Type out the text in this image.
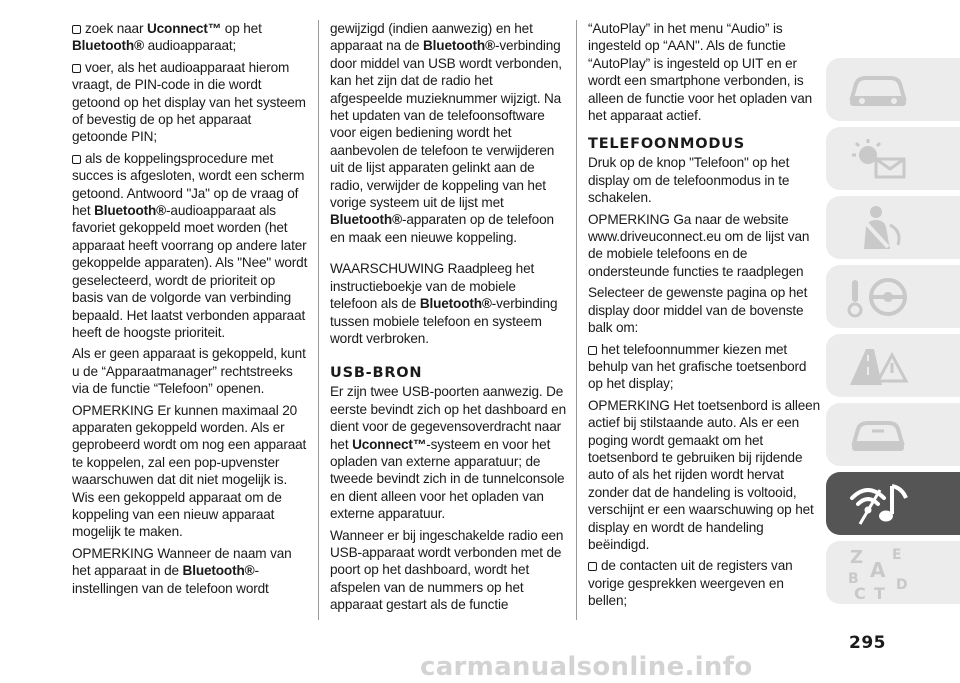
zoek naar Uconnect™ op het Bluetooth® audioapparaat;

voer, als het audioapparaat hierom vraagt, de PIN-code in die wordt getoond op het display van het systeem of bevestig de op het apparaat getoonde PIN;

als de koppelingsprocedure met succes is afgesloten, wordt een scherm getoond. Antwoord "Ja" op de vraag of het Bluetooth®-audioapparaat als favoriet gekoppeld moet worden (het apparaat heeft voorrang op andere later gekoppelde apparaten). Als "Nee" wordt geselecteerd, wordt de prioriteit op basis van de volgorde van verbinding bepaald. Het laatst verbonden apparaat heeft de hoogste prioriteit.

Als er geen apparaat is gekoppeld, kunt u de “Apparaatmanager” rechtstreeks via de functie “Telefoon” openen.

OPMERKING Er kunnen maximaal 20 apparaten gekoppeld worden. Als er geprobeerd wordt om nog een apparaat te koppelen, zal een pop-upvenster waarschuwen dat dit niet mogelijk is. Wis een gekoppeld apparaat om de koppeling van een nieuw apparaat mogelijk te maken.

OPMERKING Wanneer de naam van het apparaat in de Bluetooth®-instellingen van de telefoon wordt

gewijzigd (indien aanwezig) en het apparaat na de Bluetooth®-verbinding door middel van USB wordt verbonden, kan het zijn dat de radio het afgespeelde muzieknummer wijzigt. Na het updaten van de telefoonsoftware voor eigen bediening wordt het aanbevolen de telefoon te verwijderen uit de lijst apparaten gelinkt aan de radio, verwijder de koppeling van het vorige systeem uit de lijst met Bluetooth®-apparaten op de telefoon en maak een nieuwe koppeling.

WAARSCHUWING Raadpleeg het instructieboekje van de mobiele telefoon als de Bluetooth®-verbinding tussen mobiele telefoon en systeem wordt verbroken.

USB-BRON

Er zijn twee USB-poorten aanwezig. De eerste bevindt zich op het dashboard en dient voor de gegevensoverdracht naar het Uconnect™-systeem en voor het opladen van externe apparatuur; de tweede bevindt zich in de tunnelconsole en dient alleen voor het opladen van externe apparatuur.

Wanneer er bij ingeschakelde radio een USB-apparaat wordt verbonden met de poort op het dashboard, wordt het afspelen van de nummers op het apparaat gestart als de functie

“AutoPlay” in het menu “Audio” is ingesteld op “AAN". Als de functie “AutoPlay” is ingesteld op UIT en er wordt een smartphone verbonden, is alleen de functie voor het opladen van het apparaat actief.

TELEFOONMODUS

Druk op de knop "Telefoon" op het display om de telefoonmodus in te schakelen.

OPMERKING Ga naar de website www.driveuconnect.eu om de lijst van de mobiele telefoons en de ondersteunde functies te raadplegen

Selecteer de gewenste pagina op het display door middel van de bovenste balk om:

het telefoonnummer kiezen met behulp van het grafische toetsenbord op het display;

OPMERKING Het toetsenbord is alleen actief bij stilstaande auto. Als er een poging wordt gemaakt om het toetsenbord te gebruiken bij rijdende auto of als het rijden wordt hervat zonder dat de handeling is voltooid, verschijnt er een waarschuwing op het display en wordt de handeling beëindigd.

de contacten uit de registers van vorige gesprekken weergeven en bellen;

Z E
A
B
C D
T
295
carmanualsonline.info
